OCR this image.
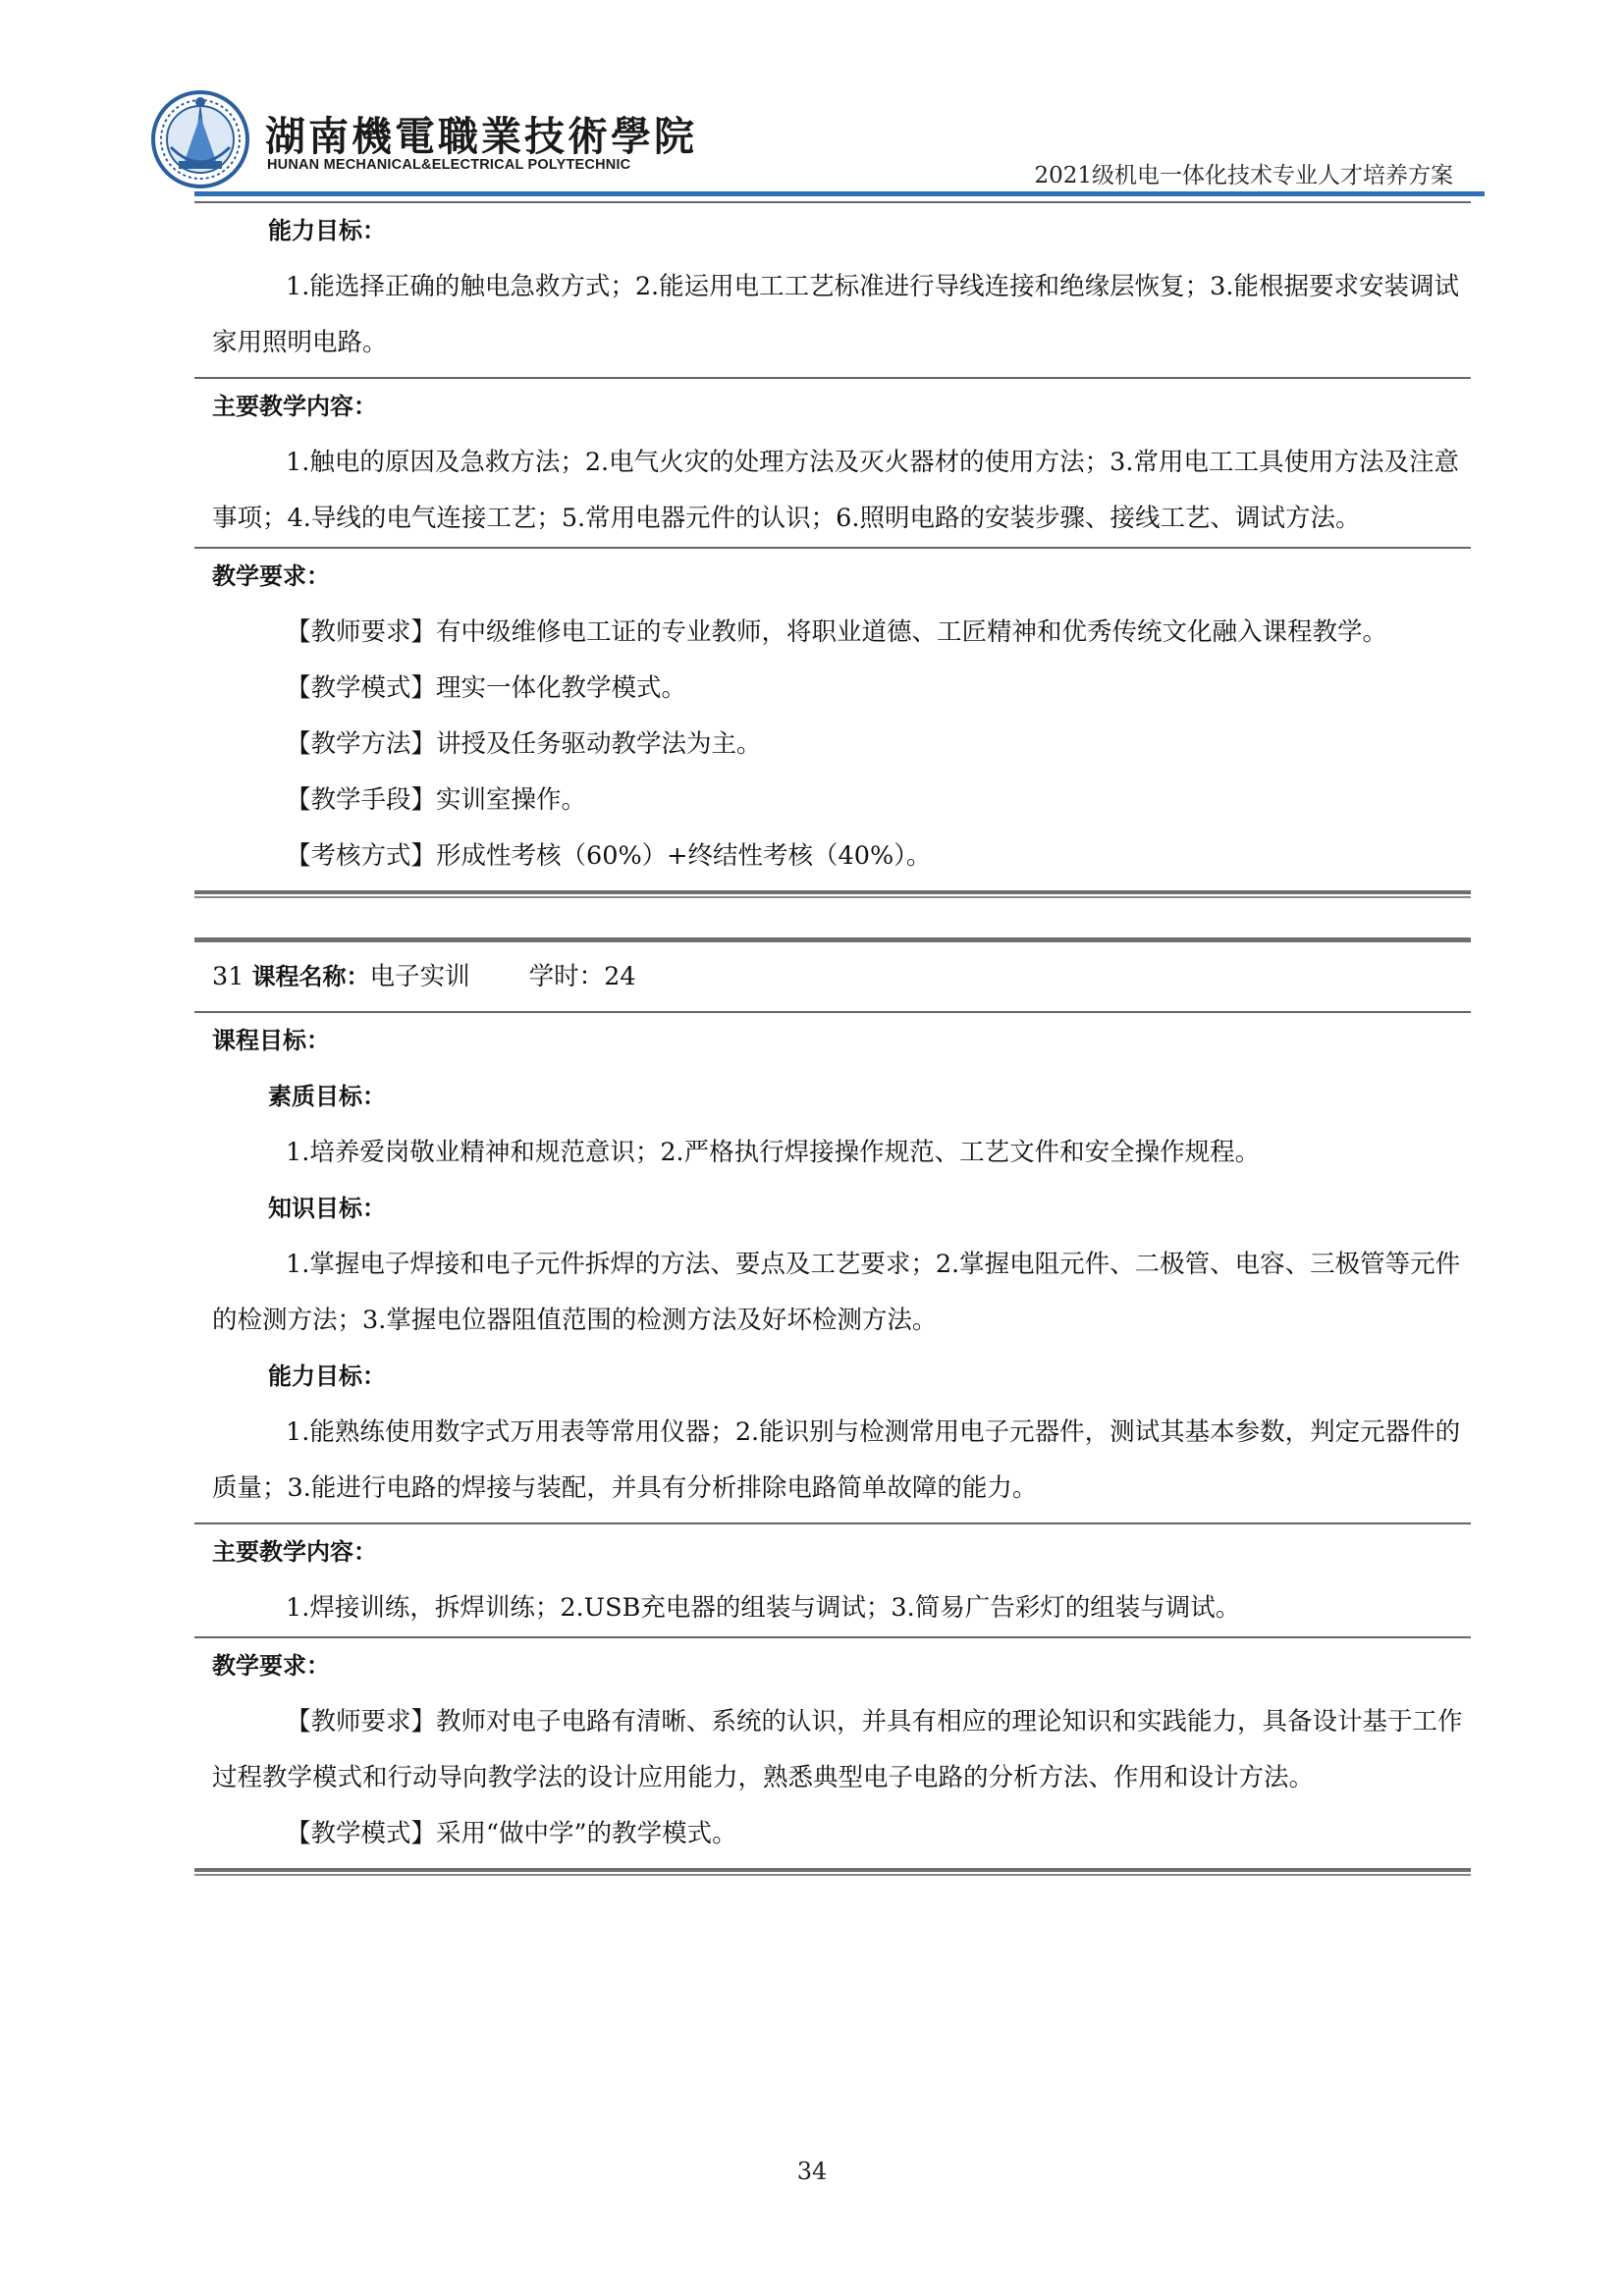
湖南機電職業技術學院
HUNAN MECHANICAL&ELECTRICAL POLYTECHNIC	2021级机电一体化技术专业人才培养方案

能力目标：

1.能选择正确的触电急救方式；2.能运用电工工艺标准进行导线连接和绝缘层恢复；3.能根据要求安装调试家用照明电路。

主要教学内容：

1.触电的原因及急救方法；2.电气火灾的处理方法及灭火器材的使用方法；3.常用电工工具使用方法及注意事项；4.导线的电气连接工艺；5.常用电器元件的认识；6.照明电路的安装步骤、接线工艺、调试方法。

教学要求：

【教师要求】有中级维修电工证的专业教师，将职业道德、工匠精神和优秀传统文化融入课程教学。

【教学模式】理实一体化教学模式。

【教学方法】讲授及任务驱动教学法为主。

【教学手段】实训室操作。

【考核方式】形成性考核（60%）+终结性考核（40%）。

31 课程名称：电子实训 学时：24

课程目标：

素质目标：

1.培养爱岗敬业精神和规范意识；2.严格执行焊接操作规范、工艺文件和安全操作规程。

知识目标：

1.掌握电子焊接和电子元件拆焊的方法、要点及工艺要求；2.掌握电阻元件、二极管、电容、三极管等元件的检测方法；3.掌握电位器阻值范围的检测方法及好坏检测方法。

能力目标：

1.能熟练使用数字式万用表等常用仪器；2.能识别与检测常用电子元器件，测试其基本参数，判定元器件的质量；3.能进行电路的焊接与装配，并具有分析排除电路简单故障的能力。

主要教学内容：

1.焊接训练，拆焊训练；2.USB充电器的组装与调试；3.简易广告彩灯的组装与调试。

教学要求：

【教师要求】教师对电子电路有清晰、系统的认识，并具有相应的理论知识和实践能力，具备设计基于工作过程教学模式和行动导向教学法的设计应用能力，熟悉典型电子电路的分析方法、作用和设计方法。

【教学模式】采用“做中学”的教学模式。

34
